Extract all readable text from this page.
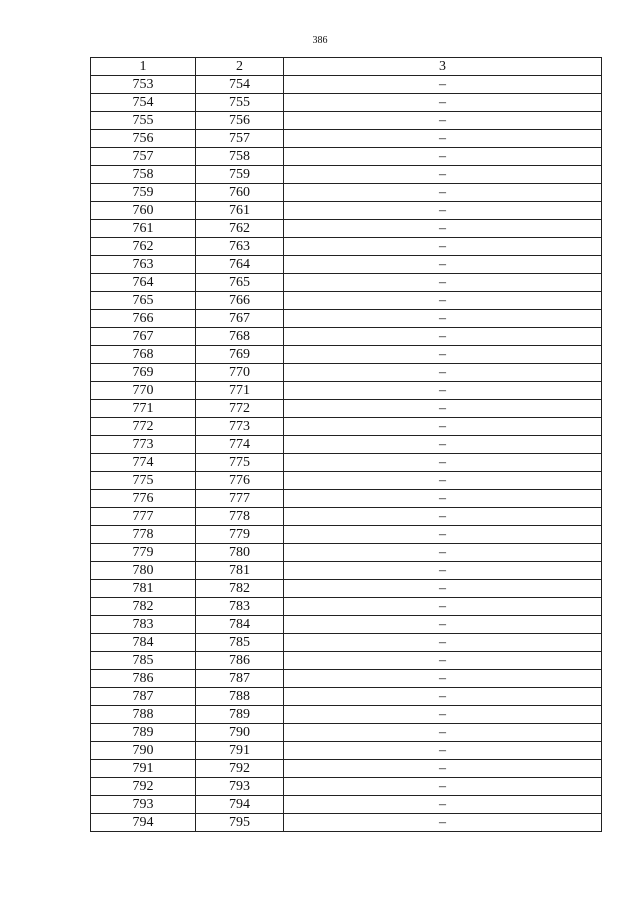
386
1	2	3
753	754	–
754	755	–
755	756	–
756	757	–
757	758	–
758	759	–
759	760	–
760	761	–
761	762	–
762	763	–
763	764	–
764	765	–
765	766	–
766	767	–
767	768	–
768	769	–
769	770	–
770	771	–
771	772	–
772	773	–
773	774	–
774	775	–
775	776	–
776	777	–
777	778	–
778	779	–
779	780	–
780	781	–
781	782	–
782	783	–
783	784	–
784	785	–
785	786	–
786	787	–
787	788	–
788	789	–
789	790	–
790	791	–
791	792	–
792	793	–
793	794	–
794	795	–
